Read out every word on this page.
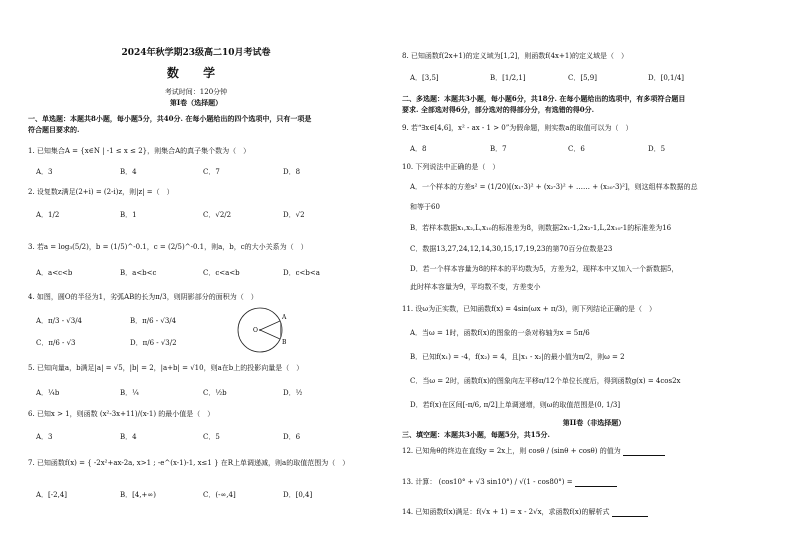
2024年秋学期23级高二10月考试卷
数 学
考试时间：120分钟
第Ⅰ卷（选择题）
一、单选题：本题共8小题，每小题5分，共40分. 在每小题给出的四个选项中，只有一项是
符合题目要求的.
1. 已知集合A = {x∈N | -1 ≤ x ≤ 2}，则集合A的真子集个数为（　）
A．3	B．4	C．7	D．8
2. 设复数z满足(2+i) = (2-i)z，则|z| =（　）
A．1/2	B．1	C．√2/2	D．√2
3. 若a = log₃(5/2)，b = (1/5)^-0.1，c = (2/5)^-0.1，则a，b，c的大小关系为（　）
A．a<c<b	B．a<b<c	C．c<a<b	D．c<b<a
4. 如图，圆O的半径为1，劣弧AB的长为π/3，则阴影部分的面积为（　）
A．π/3 - √3/4	B．π/6 - √3/4
C．π/6 - √3	D．π/6 - √3/2
A
B
O
5. 已知向量a，b满足|a| = √5，|b| = 2，|a+b| = √10，则a在b上的投影向量是（　）
A．¼b	B．¼	C．½b	D．½
6. 已知x > 1，则函数 (x²-3x+11)/(x-1) 的最小值是（　）
A．3	B．4	C．5	D．6
7. 已知函数f(x) = { -2x²+ax-2a, x>1 ; -e^(x-1)-1, x≤1 } 在R上单调递减，则a的取值范围为（　）
A．[-2,4]	B．[4,+∞)	C．(-∞,4]	D．[0,4]
8. 已知函数f(2x+1)的定义域为[1,2]，则函数f(4x+1)的定义域是（　）
A．[3,5]	B．[1/2,1]	C．[5,9]	D．[0,1/4]
二、多选题：本题共3小题，每小题6分，共18分. 在每小题给出的选项中，有多项符合题目
要求. 全部选对得6分，部分选对的得部分分，有选错的得0分.
9. 若“∃x∈[4,6]，x² - ax - 1 > 0”为假命题，则实数a的取值可以为（　）
A．8	B．7	C．6	D．5
10. 下列说法中正确的是（　）
A．一个样本的方差s² = (1/20)[(x₁-3)² + (x₂-3)² + …… + (x₂₀-3)²]，则这组样本数据的总
和等于60
B．若样本数据x₁,x₂,L,x₁₀的标准差为8，则数据2x₁-1,2x₂-1,L,2x₁₀-1的标准差为16
C．数据13,27,24,12,14,30,15,17,19,23的第70百分位数是23
D．若一个样本容量为8的样本的平均数为5，方差为2，现样本中又加入一个新数据5，
此时样本容量为9，平均数不变，方差变小
11. 设ω为正实数，已知函数f(x) = 4sin(ωx + π/3)，则下列结论正确的是（　）
A．当ω = 1时，函数f(x)的图象的一条对称轴为x = 5π/6
B．已知f(x₁) = -4，f(x₂) = 4，且|x₁ - x₂|的最小值为π/2，则ω = 2
C．当ω = 2时，函数f(x)的图象向左平移π/12个单位长度后，得到函数g(x) = 4cos2x
D．若f(x)在区间[-π/6, π/2]上单调递增，则ω的取值范围是(0, 1/3]
第II卷（非选择题）
三、填空题：本题共3小题，每题5分，共15分.
12. 已知角θ的终边在直线y = 2x上，则 cosθ / (sinθ + cosθ) 的值为
13. 计算： (cos10° + √3 sin10°) / √(1 - cos80°) =
14. 已知函数f(x)满足：f(√x + 1) = x - 2√x，求函数f(x)的解析式
